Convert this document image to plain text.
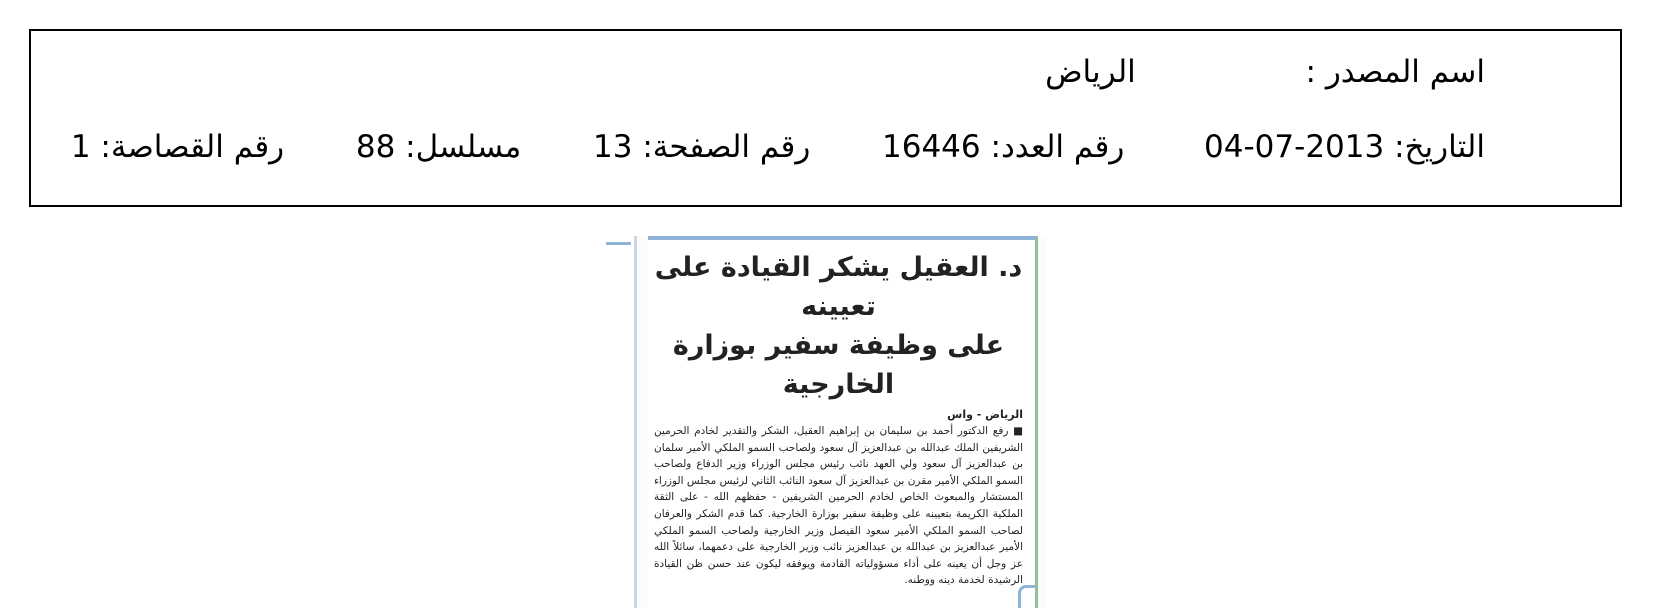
اسم المصدر :  الرياض
التاريخ: 2013-07-04  رقم العدد: 16446  رقم الصفحة: 13  مسلسل: 88  رقم القصاصة: 1
د. العقيل يشكر القيادة على تعيينه
على وظيفة سفير بوزارة الخارجية
الرياض - واس
■ رفع الدكتور أحمد بن سليمان بن إبراهيم العقيل، الشكر والتقدير لخادم الحرمين الشريفين الملك عبدالله بن عبدالعزيز آل سعود ولصاحب السمو الملكي الأمير سلمان بن عبدالعزيز آل سعود ولي العهد نائب رئيس مجلس الوزراء وزير الدفاع ولصاحب السمو الملكي الأمير مقرن بن عبدالعزيز آل سعود النائب الثاني لرئيس مجلس الوزراء المستشار والمبعوث الخاص لخادم الحرمين الشريفين - حفظهم الله - على الثقة الملكية الكريمة بتعيينه على وظيفة سفير بوزارة الخارجية. كما قدم الشكر والعرفان لصاحب السمو الملكي الأمير سعود الفيصل وزير الخارجية ولصاحب السمو الملكي الأمير عبدالعزيز بن عبدالله بن عبدالعزيز نائب وزير الخارجية على دعمهما، سائلاً الله عز وجل أن يعينه على أداء مسؤولياته القادمة ويوفقه ليكون عند حسن ظن القيادة الرشيدة لخدمة دينه ووطنه.
